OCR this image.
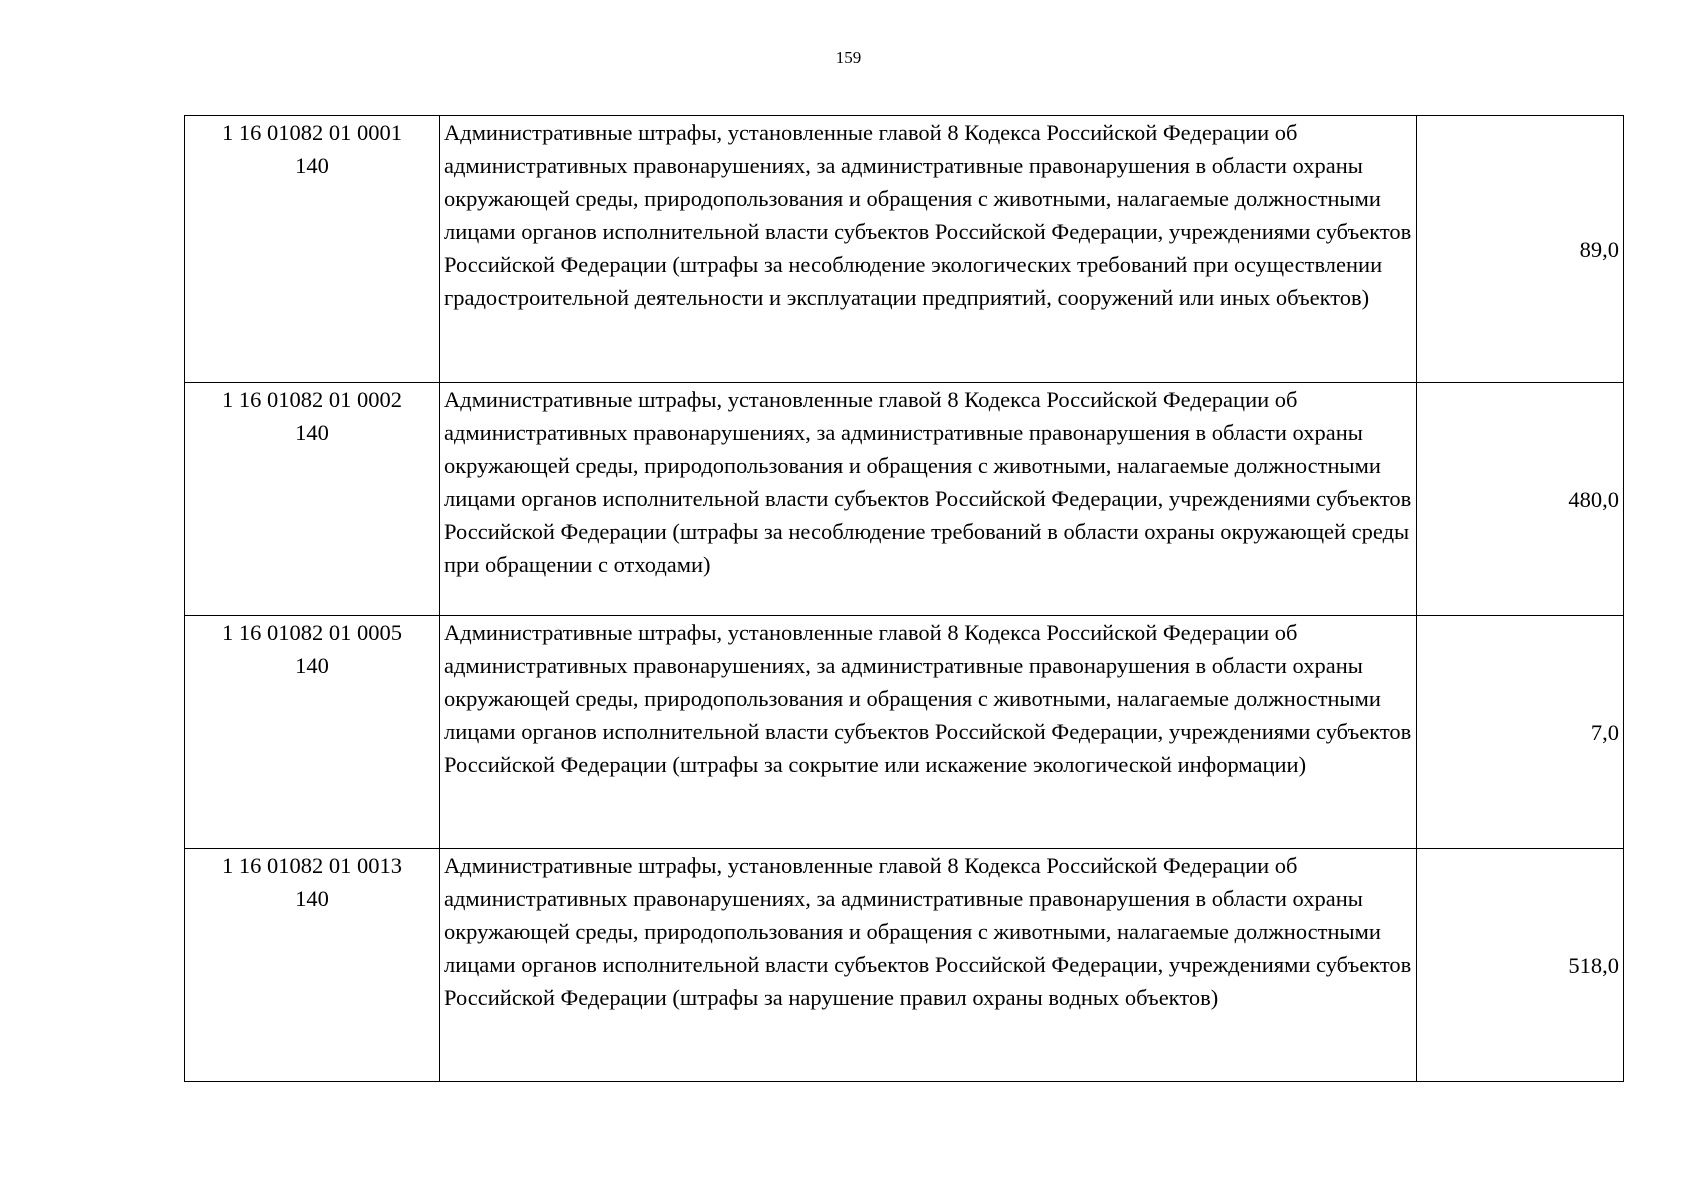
159
1 16 01082 01 0001
140	Административные штрафы, установленные главой 8 Кодекса Российской Федерации об административных правонарушениях, за административные правонарушения в области охраны окружающей среды, природопользования и обращения с животными, налагаемые должностными лицами органов исполнительной власти субъектов Российской Федерации, учреждениями субъектов Российской Федерации (штрафы за несоблюдение экологических требований при осуществлении градостроительной деятельности и эксплуатации предприятий, сооружений или иных объектов)	89,0

1 16 01082 01 0002
140	Административные штрафы, установленные главой 8 Кодекса Российской Федерации об административных правонарушениях, за административные правонарушения в области охраны окружающей среды, природопользования и обращения с животными, налагаемые должностными лицами органов исполнительной власти субъектов Российской Федерации, учреждениями субъектов Российской Федерации (штрафы за несоблюдение требований в области охраны окружающей среды при обращении с отходами)	480,0

1 16 01082 01 0005
140	Административные штрафы, установленные главой 8 Кодекса Российской Федерации об административных правонарушениях, за административные правонарушения в области охраны окружающей среды, природопользования и обращения с животными, налагаемые должностными лицами органов исполнительной власти субъектов Российской Федерации, учреждениями субъектов Российской Федерации (штрафы за сокрытие или искажение экологической информации)	7,0

1 16 01082 01 0013
140	Административные штрафы, установленные главой 8 Кодекса Российской Федерации об административных правонарушениях, за административные правонарушения в области охраны окружающей среды, природопользования и обращения с животными, налагаемые должностными лицами органов исполнительной власти субъектов Российской Федерации, учреждениями субъектов Российской Федерации (штрафы за нарушение правил охраны водных объектов)	518,0
